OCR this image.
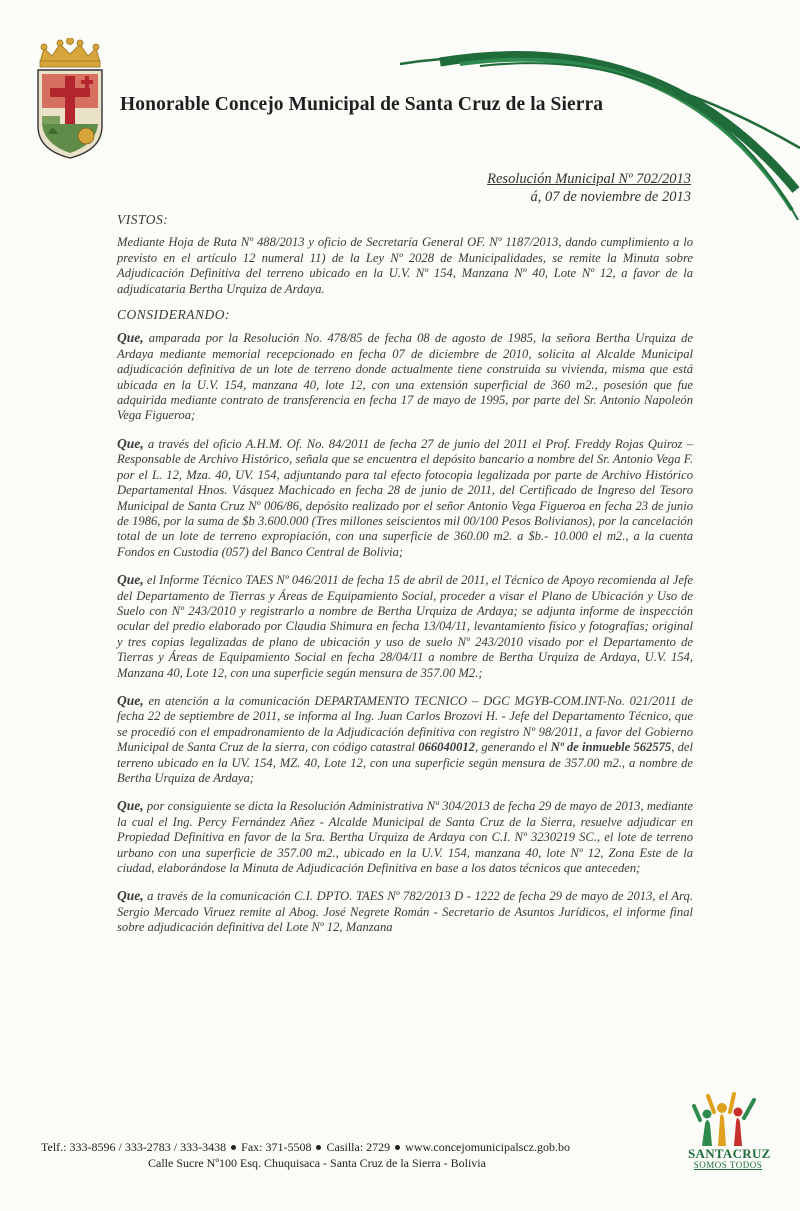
Honorable Concejo Municipal de Santa Cruz de la Sierra
Resolución Municipal Nº 702/2013
á, 07 de noviembre de 2013
VISTOS:

Mediante Hoja de Ruta Nº 488/2013 y oficio de Secretaría General OF. Nº 1187/2013, dando cumplimiento a lo previsto en el artículo 12 numeral 11) de la Ley Nº 2028 de Municipalidades, se remite la Minuta sobre Adjudicación Definitiva del terreno ubicado en la U.V. Nº 154, Manzana Nº 40, Lote Nº 12, a favor de la adjudicataria Bertha Urquiza de Ardaya.

CONSIDERANDO:

Que, amparada por la Resolución No. 478/85 de fecha 08 de agosto de 1985, la señora Bertha Urquiza de Ardaya mediante memorial recepcionado en fecha 07 de diciembre de 2010, solicita al Alcalde Municipal adjudicación definitiva de un lote de terreno donde actualmente tiene construida su vivienda, misma que está ubicada en la U.V. 154, manzana 40, lote 12, con una extensión superficial de 360 m2., posesión que fue adquirida mediante contrato de transferencia en fecha 17 de mayo de 1995, por parte del Sr. Antonio Napoleón Vega Figueroa;

Que, a través del oficio A.H.M. Of. No. 84/2011 de fecha 27 de junio del 2011 el Prof. Freddy Rojas Quiroz – Responsable de Archivo Histórico, señala que se encuentra el depósito bancario a nombre del Sr. Antonio Vega F. por el L. 12, Mza. 40, UV. 154, adjuntando para tal efecto fotocopia legalizada por parte de Archivo Histórico Departamental Hnos. Vásquez Machicado en fecha 28 de junio de 2011, del Certificado de Ingreso del Tesoro Municipal de Santa Cruz Nº 006/86, depósito realizado por el señor Antonio Vega Figueroa en fecha 23 de junio de 1986, por la suma de $b 3.600.000 (Tres millones seiscientos mil 00/100 Pesos Bolivianos), por la cancelación total de un lote de terreno expropiación, con una superficie de 360.00 m2. a $b.- 10.000 el m2., a la cuenta Fondos en Custodia (057) del Banco Central de Bolivia;

Que, el Informe Técnico TAES Nº 046/2011 de fecha 15 de abril de 2011, el Técnico de Apoyo recomienda al Jefe del Departamento de Tierras y Áreas de Equipamiento Social, proceder a visar el Plano de Ubicación y Uso de Suelo con Nº 243/2010 y registrarlo a nombre de Bertha Urquiza de Ardaya; se adjunta informe de inspección ocular del predio elaborado por Claudia Shimura en fecha 13/04/11, levantamiento físico y fotografías; original y tres copias legalizadas de plano de ubicación y uso de suelo Nº 243/2010 visado por el Departamento de Tierras y Áreas de Equipamiento Social en fecha 28/04/11 a nombre de Bertha Urquiza de Ardaya, U.V. 154, Manzana 40, Lote 12, con una superficie según mensura de 357.00 M2.;

Que, en atención a la comunicación DEPARTAMENTO TECNICO – DGC MGYB-COM.INT-No. 021/2011 de fecha 22 de septiembre de 2011, se informa al Ing. Juan Carlos Brozovi H. - Jefe del Departamento Técnico, que se procedió con el empadronamiento de la Adjudicación definitiva con registro Nº 98/2011, a favor del Gobierno Municipal de Santa Cruz de la sierra, con código catastral 066040012, generando el Nº de inmueble 562575, del terreno ubicado en la UV. 154, MZ. 40, Lote 12, con una superficie según mensura de 357.00 m2., a nombre de Bertha Urquiza de Ardaya;

Que, por consiguiente se dicta la Resolución Administrativa Nº 304/2013 de fecha 29 de mayo de 2013, mediante la cual el Ing. Percy Fernández Añez - Alcalde Municipal de Santa Cruz de la Sierra, resuelve adjudicar en Propiedad Definitiva en favor de la Sra. Bertha Urquiza de Ardaya con C.I. Nº 3230219 SC., el lote de terreno urbano con una superficie de 357.00 m2., ubicado en la U.V. 154, manzana 40, lote Nº 12, Zona Este de la ciudad, elaborándose la Minuta de Adjudicación Definitiva en base a los datos técnicos que anteceden;

Que, a través de la comunicación C.I. DPTO. TAES Nº 782/2013 D - 1222 de fecha 29 de mayo de 2013, el Arq. Sergio Mercado Viruez remite al Abog. José Negrete Román - Secretario de Asuntos Jurídicos, el informe final sobre adjudicación definitiva del Lote Nº 12, Manzana

Telf.: 333-8596 / 333-2783 / 333-3438 Fax: 371-5508 Casilla: 2729 www.concejomunicipalscz.gob.bo
Calle Sucre Nº100 Esq. Chuquisaca - Santa Cruz de la Sierra - Bolivia
SANTACRUZ
SOMOS TODOS
